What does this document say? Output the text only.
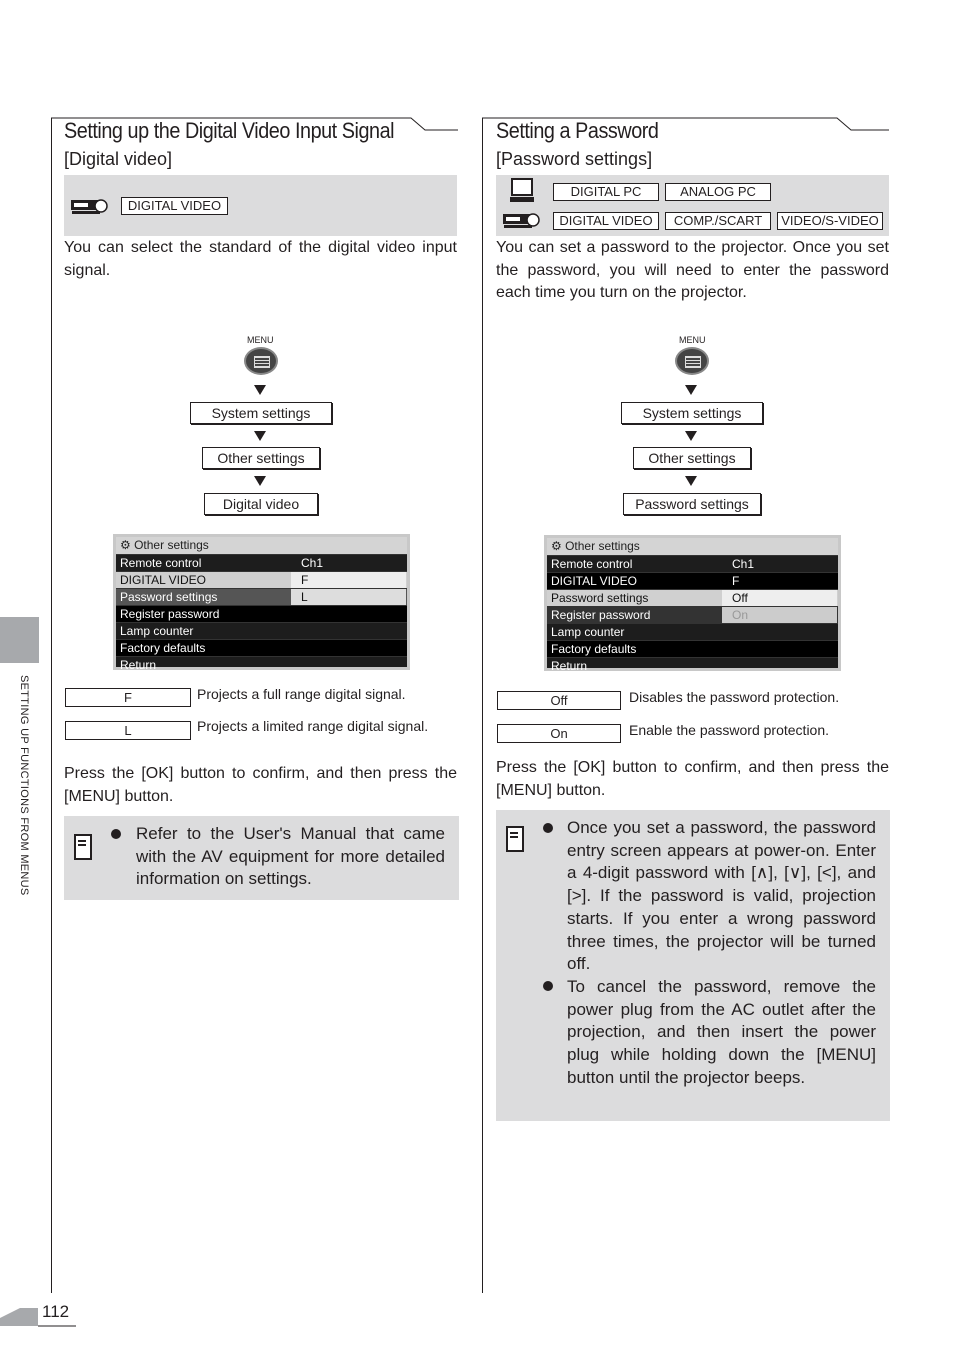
Setting up the Digital Video Input Signal
[Digital video]
DIGITAL VIDEO
You can select the standard of the digital video input signal.
MENU
System settings
Other settings
Digital video
⚙ Other settings
Remote control	Ch1
DIGITAL VIDEO	F
Password settings	L
Register password
Lamp counter
Factory defaults
Return
F	Projects a full range digital signal.
L	Projects a limited range digital signal.
Press the [OK] button to confirm, and then press the [MENU] button.
Refer to the User's Manual that came with the AV equipment for more detailed information on settings.
Setting a Password
[Password settings]
DIGITAL PC	ANALOG PC
DIGITAL VIDEO	COMP./SCART	VIDEO/S-VIDEO
You can set a password to the projector. Once you set the password, you will need to enter the password each time you turn on the projector.
MENU
System settings
Other settings
Password settings
⚙ Other settings
Remote control	Ch1
DIGITAL VIDEO	F
Password settings	Off
Register password	On
Lamp counter
Factory defaults
Return
Off	Disables the password protection.
On	Enable the password protection.
Press the [OK] button to confirm, and then press the [MENU] button.
Once you set a password, the password entry screen appears at power-on. Enter a 4-digit password with [∧], [∨], [<], and [>]. If the password is valid, projection starts. If you enter a wrong password three times, the projector will be turned off.
To cancel the password, remove the power plug from the AC outlet after the projection, and then insert the power plug while holding down the [MENU] button until the projector beeps.
SETTING UP FUNCTIONS FROM MENUS
112
